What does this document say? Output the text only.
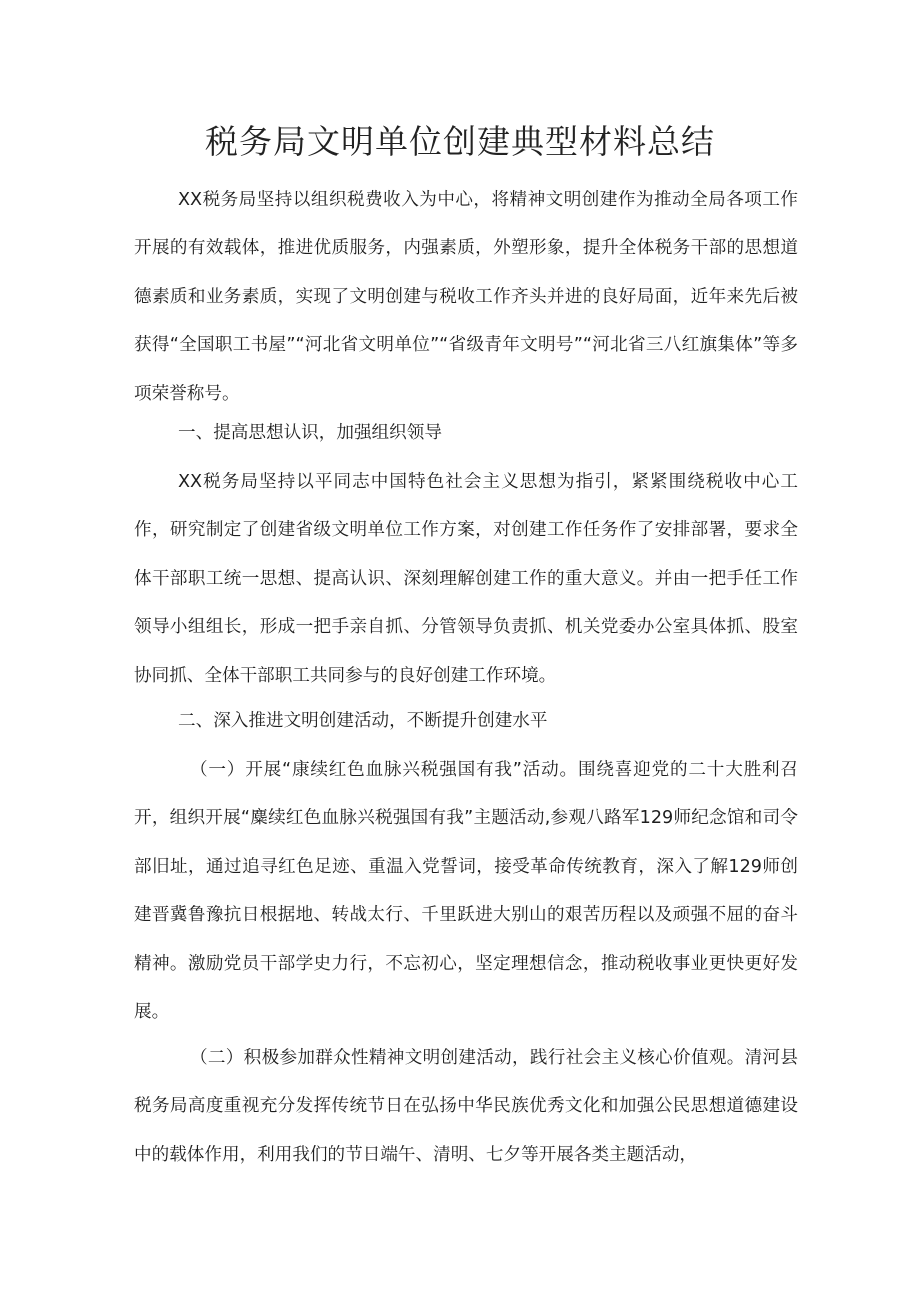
税务局文明单位创建典型材料总结

XX税务局坚持以组织税费收入为中心，将精神文明创建作为推动全局各项工作开展的有效载体，推进优质服务，内强素质，外塑形象，提升全体税务干部的思想道德素质和业务素质，实现了文明创建与税收工作齐头并进的良好局面，近年来先后被获得“全国职工书屋”“河北省文明单位”“省级青年文明号”“河北省三八红旗集体”等多项荣誉称号。

一、提高思想认识，加强组织领导

XX税务局坚持以平同志中国特色社会主义思想为指引，紧紧围绕税收中心工作，研究制定了创建省级文明单位工作方案，对创建工作任务作了安排部署，要求全体干部职工统一思想、提高认识、深刻理解创建工作的重大意义。并由一把手任工作领导小组组长，形成一把手亲自抓、分管领导负责抓、机关党委办公室具体抓、股室协同抓、全体干部职工共同参与的良好创建工作环境。

二、深入推进文明创建活动，不断提升创建水平

（一）开展“康续红色血脉兴税强国有我”活动。围绕喜迎党的二十大胜利召开，组织开展“麋续红色血脉兴税强国有我”主题活动,参观八路军129师纪念馆和司令部旧址，通过追寻红色足迹、重温入党誓词，接受革命传统教育，深入了解129师创建晋冀鲁豫抗日根据地、转战太行、千里跃进大别山的艰苦历程以及顽强不屈的奋斗精神。激励党员干部学史力行，不忘初心，坚定理想信念，推动税收事业更快更好发展。

（二）积极参加群众性精神文明创建活动，践行社会主义核心价值观。清河县税务局高度重视充分发挥传统节日在弘扬中华民族优秀文化和加强公民思想道德建设中的载体作用，利用我们的节日端午、清明、七夕等开展各类主题活动，
